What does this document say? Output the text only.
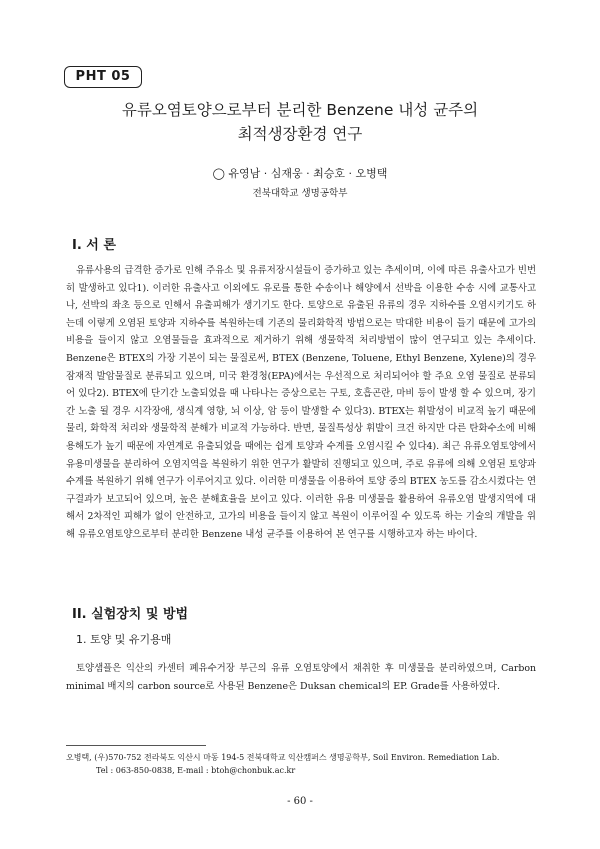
PHT 05
유류오염토양으로부터 분리한 Benzene 내성 균주의
최적생장환경 연구
◯ 유영남 · 심재웅 · 최승호 · 오병택
전북대학교 생명공학부
I. 서 론

유류사용의 급격한 증가로 인해 주유소 및 유류저장시설들이 증가하고 있는 추세이며, 이에 따른 유출사고가 빈번히 발생하고 있다1). 이러한 유출사고 이외에도 유로를 통한 수송이나 해양에서 선박을 이용한 수송 시에 교통사고나, 선박의 좌초 등으로 인해서 유출피해가 생기기도 한다. 토양으로 유출된 유류의 경우 지하수를 오염시키기도 하는데 이렇게 오염된 토양과 지하수를 복원하는데 기존의 물리화학적 방법으로는 막대한 비용이 들기 때문에 고가의 비용을 들이지 않고 오염물들을 효과적으로 제거하기 위해 생물학적 처리방법이 많이 연구되고 있는 추세이다. Benzene은 BTEX의 가장 기본이 되는 물질로써, BTEX (Benzene, Toluene, Ethyl Benzene, Xylene)의 경우 잠재적 발암물질로 분류되고 있으며, 미국 환경청(EPA)에서는 우선적으로 처리되어야 할 주요 오염 물질로 분류되어 있다2). BTEX에 단기간 노출되었을 때 나타나는 증상으로는 구토, 호흡곤란, 마비 등이 발생 할 수 있으며, 장기간 노출 될 경우 시각장애, 생식계 영향, 뇌 이상, 암 등이 발생할 수 있다3). BTEX는 휘발성이 비교적 높기 때문에 물리, 화학적 처리와 생물학적 분해가 비교적 가능하다. 반면, 물질특성상 휘발이 크건 하지만 다른 탄화수소에 비해 용해도가 높기 때문에 자연계로 유출되었을 때에는 쉽게 토양과 수계를 오염시킬 수 있다4). 최근 유류오염토양에서 유용미생물을 분리하여 오염지역을 복원하기 위한 연구가 활발히 진행되고 있으며, 주로 유류에 의해 오염된 토양과 수계를 복원하기 위해 연구가 이루어지고 있다. 이러한 미생물을 이용하여 토양 중의 BTEX 농도를 감소시켰다는 연구결과가 보고되어 있으며, 높은 분해효율을 보이고 있다. 이러한 유용 미생물을 활용하여 유류오염 발생지역에 대해서 2차적인 피해가 없이 안전하고, 고가의 비용을 들이지 않고 복원이 이루어질 수 있도록 하는 기술의 개발을 위해 유류오염토양으로부터 분리한 Benzene 내성 균주를 이용하여 본 연구를 시행하고자 하는 바이다.

II. 실험장치 및 방법
1. 토양 및 유기용매

토양샘플은 익산의 카센터 폐유수거장 부근의 유류 오염토양에서 채취한 후 미생물을 분리하였으며, Carbon minimal 배지의 carbon source로 사용된 Benzene은 Duksan chemical의 EP. Grade를 사용하였다.

오병택, (우)570-752 전라북도 익산시 마동 194-5 전북대학교 익산캠퍼스 생명공학부, Soil Environ. Remediation Lab.
Tel : 063-850-0838, E-mail : btoh@chonbuk.ac.kr
- 60 -
